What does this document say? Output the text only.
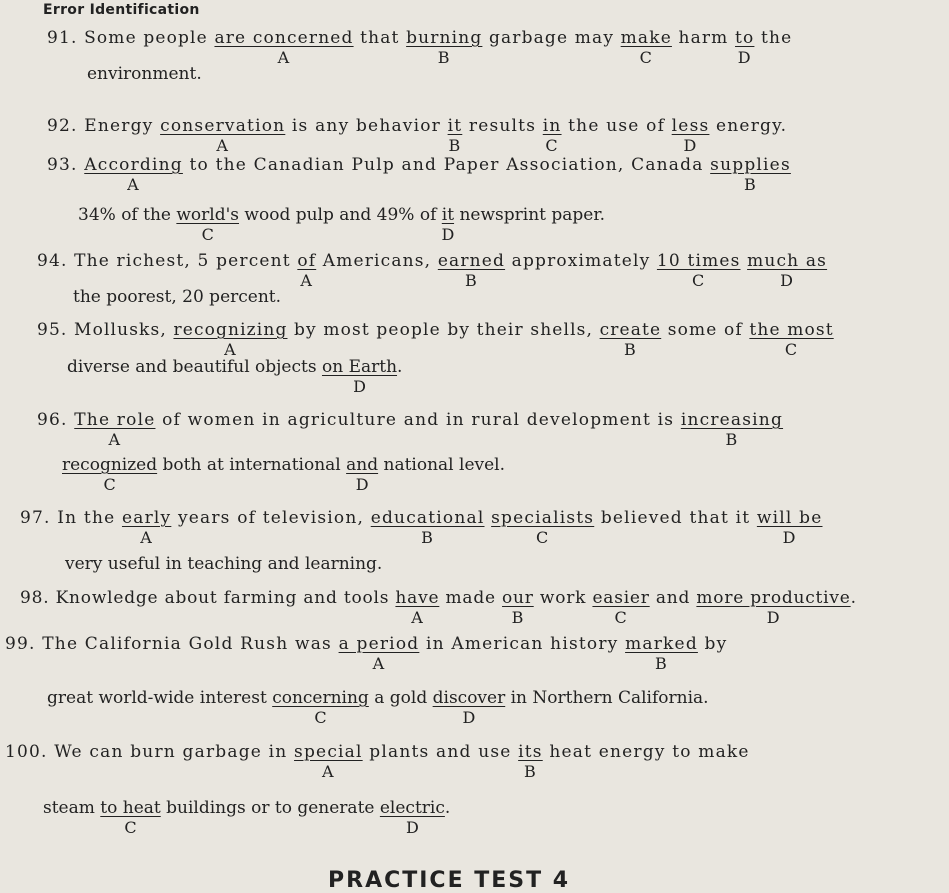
Error Identification
91. Some people are concerned
A
that burning
B
garbage may make
C
harm to
D
the
environment.
92. Energy conservation
A
is any behavior it
B
results in
C
the use of less
D
energy.
93. According
A
to the Canadian Pulp and Paper Association, Canada supplies
B
34% of the world's
C
wood pulp and 49% of it
D
newsprint paper.
94. The richest, 5 percent of
A
Americans, earned
B
approximately 10 times
C
much as
D
the poorest, 20 percent.
95. Mollusks, recognizing
A
by most people by their shells, create
B
some of the most
C
diverse and beautiful objects on Earth
D
.
96. The role
A
of women in agriculture and in rural development is increasing
B
recognized
C
both at international and
D
national level.
97. In the early
A
years of television, educational
B
specialists
C
believed that it will be
D
very useful in teaching and learning.
98. Knowledge about farming and tools have
A
made our
B
work easier
C
and more productive
D
.
99. The California Gold Rush was a period
A
in American history marked
B
by
great world-wide interest concerning
C
a gold discover
D
in Northern California.
100. We can burn garbage in special
A
plants and use its
B
heat energy to make
steam to heat
C
buildings or to generate electric
D
.
PRACTICE TEST 4
